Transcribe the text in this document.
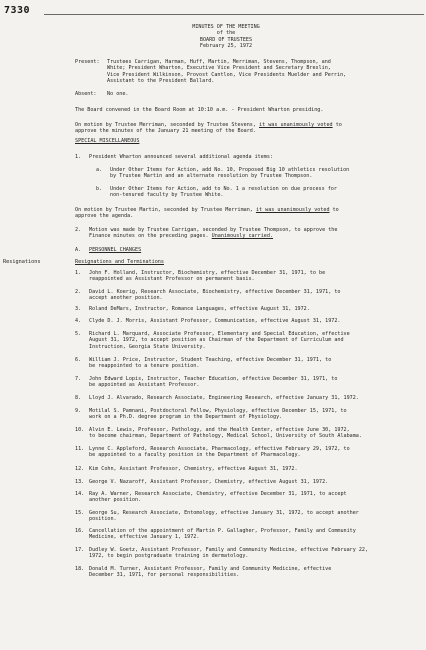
7330
MINUTES OF THE MEETING
of the
BOARD OF TRUSTEES
February 25, 1972
Present: Trustees Carrigan, Harman, Huff, Martin, Merriman, Stevens, Thompson, and
White; President Wharton, Executive Vice President and Secretary Breslin,
Vice President Wilkinson, Provost Cantlon, Vice Presidents Muelder and Perrin,
Assistant to the President Ballard.
Absent: No one.
The Board convened in the Board Room at 10:10 a.m. - President Wharton presiding.
On motion by Trustee Merriman, seconded by Trustee Stevens, it was unanimously voted to
approve the minutes of the January 21 meeting of the Board.
SPECIAL MISCELLANEOUS
1. President Wharton announced several additional agenda items:
a. Under Other Items for Action, add No. 10, Proposed Big 10 athletics resolution
by Trustee Martin and an alternate resolution by Trustee Thompson.
b. Under Other Items for Action, add to No. 1 a resolution on due process for
non-tenured faculty by Trustee White.
On motion by Trustee Martin, seconded by Trustee Merriman, it was unanimously voted to
approve the agenda.
2. Motion was made by Trustee Carrigan, seconded by Trustee Thompson, to approve the
Finance minutes on the preceding pages. Unanimously carried.
A. PERSONNEL CHANGES
Resignations	Resignations and Terminations
1. John F. Holland, Instructor, Biochemistry, effective December 31, 1971, to be
reappointed as Assistant Professor on permanent basis.
2. David L. Koerig, Research Associate, Biochemistry, effective December 31, 1971, to
accept another position.
3. Roland DeMars, Instructor, Romance Languages, effective August 31, 1972.
4. Clyde D. J. Morris, Assistant Professor, Communication, effective August 31, 1972.
5. Richard L. Marquard, Associate Professor, Elementary and Special Education, effective
August 31, 1972, to accept position as Chairman of the Department of Curriculum and
Instruction, Georgia State University.
6. William J. Price, Instructor, Student Teaching, effective December 31, 1971, to
be reappointed to a tenure position.
7. John Edward Lopis, Instructor, Teacher Education, effective December 31, 1971, to
be appointed as Assistant Professor.
8. Lloyd J. Alvarado, Research Associate, Engineering Research, effective January 31, 1972.
9. Motilal S. Pamnani, Postdoctoral Fellow, Physiology, effective December 15, 1971, to
work on a Ph.D. degree program in the Department of Physiology.
10. Alvin E. Lewis, Professor, Pathology, and the Health Center, effective June 30, 1972,
to become chairman, Department of Pathology, Medical School, University of South Alabama.
11. Lynne C. Appleford, Research Associate, Pharmacology, effective February 29, 1972, to
be appointed to a faculty position in the Department of Pharmacology.
12. Kim Cohn, Assistant Professor, Chemistry, effective August 31, 1972.
13. George V. Nazaroff, Assistant Professor, Chemistry, effective August 31, 1972.
14. Ray A. Warner, Research Associate, Chemistry, effective December 31, 1971, to accept
another position.
15. George Su, Research Associate, Entomology, effective January 31, 1972, to accept another
position.
16. Cancellation of the appointment of Martin P. Gallagher, Professor, Family and Community
Medicine, effective January 1, 1972.
17. Dudley W. Goetz, Assistant Professor, Family and Community Medicine, effective February 22,
1972, to begin postgraduate training in dermatology.
18. Donald M. Turner, Assistant Professor, Family and Community Medicine, effective
December 31, 1971, for personal responsibilities.
